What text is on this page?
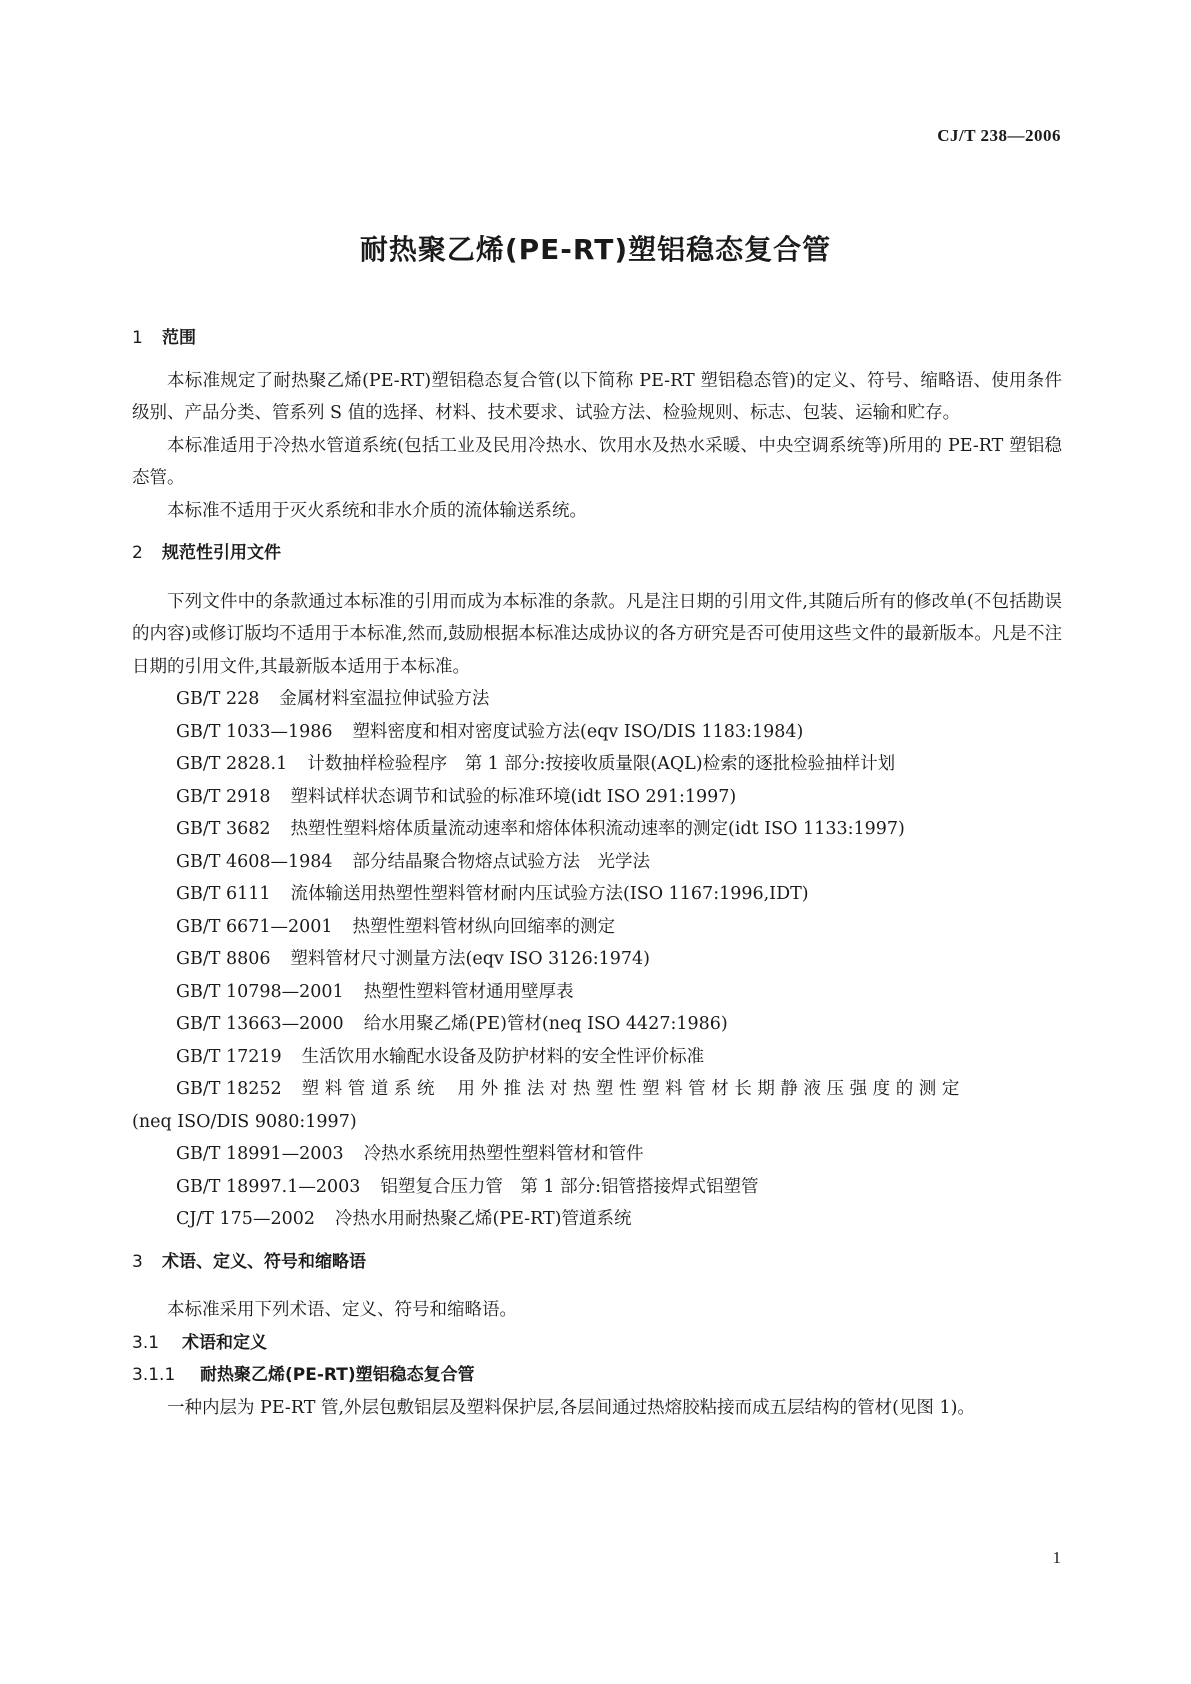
CJ/T 238—2006
耐热聚乙烯(PE-RT)塑铝稳态复合管
1 范围
本标准规定了耐热聚乙烯(PE-RT)塑铝稳态复合管(以下简称 PE-RT 塑铝稳态管)的定义、符号、缩略语、使用条件级别、产品分类、管系列 S 值的选择、材料、技术要求、试验方法、检验规则、标志、包装、运输和贮存。
本标准适用于冷热水管道系统(包括工业及民用冷热水、饮用水及热水采暖、中央空调系统等)所用的 PE-RT 塑铝稳态管。
本标准不适用于灭火系统和非水介质的流体输送系统。
2 规范性引用文件
下列文件中的条款通过本标准的引用而成为本标准的条款。凡是注日期的引用文件,其随后所有的修改单(不包括勘误的内容)或修订版均不适用于本标准,然而,鼓励根据本标准达成协议的各方研究是否可使用这些文件的最新版本。凡是不注日期的引用文件,其最新版本适用于本标准。
GB/T 228 金属材料室温拉伸试验方法
GB/T 1033—1986 塑料密度和相对密度试验方法(eqv ISO/DIS 1183:1984)
GB/T 2828.1 计数抽样检验程序　第 1 部分:按接收质量限(AQL)检索的逐批检验抽样计划
GB/T 2918 塑料试样状态调节和试验的标准环境(idt ISO 291:1997)
GB/T 3682 热塑性塑料熔体质量流动速率和熔体体积流动速率的测定(idt ISO 1133:1997)
GB/T 4608—1984 部分结晶聚合物熔点试验方法　光学法
GB/T 6111 流体输送用热塑性塑料管材耐内压试验方法(ISO 1167:1996,IDT)
GB/T 6671—2001 热塑性塑料管材纵向回缩率的测定
GB/T 8806 塑料管材尺寸测量方法(eqv ISO 3126:1974)
GB/T 10798—2001 热塑性塑料管材通用壁厚表
GB/T 13663—2000 给水用聚乙烯(PE)管材(neq ISO 4427:1986)
GB/T 17219 生活饮用水输配水设备及防护材料的安全性评价标准
GB/T 18252 塑 料 管 道 系 统　 用 外 推 法 对 热 塑 性 塑 料 管 材 长 期 静 液 压 强 度 的 测 定
(neq ISO/DIS 9080:1997)
GB/T 18991—2003 冷热水系统用热塑性塑料管材和管件
GB/T 18997.1—2003 铝塑复合压力管　第 1 部分:铝管搭接焊式铝塑管
CJ/T 175—2002 冷热水用耐热聚乙烯(PE-RT)管道系统
3 术语、定义、符号和缩略语
本标准采用下列术语、定义、符号和缩略语。
3.1 术语和定义
3.1.1 耐热聚乙烯(PE-RT)塑铝稳态复合管
一种内层为 PE-RT 管,外层包敷铝层及塑料保护层,各层间通过热熔胶粘接而成五层结构的管材(见图 1)。
1
